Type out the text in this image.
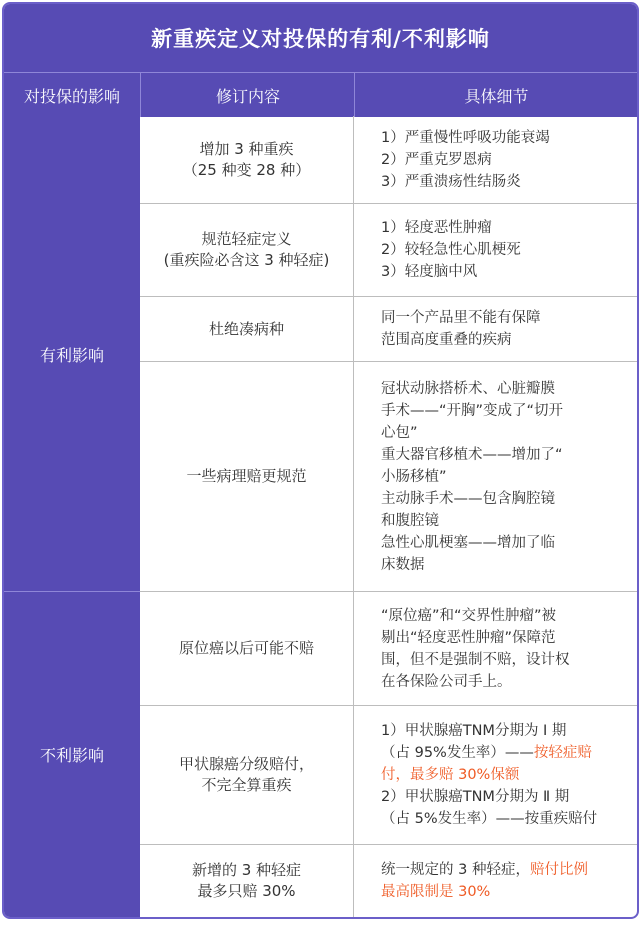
新重疾定义对投保的有利/不利影响
对投保的影响	修订内容	具体细节
有利影响
不利影响
增加 3 种重疾
（25 种变 28 种）
1）严重慢性呼吸功能衰竭
2）严重克罗恩病
3）严重溃疡性结肠炎
规范轻症定义
(重疾险必含这 3 种轻症)
1）轻度恶性肿瘤
2）较轻急性心肌梗死
3）轻度脑中风
杜绝凑病种
同一个产品里不能有保障
范围高度重叠的疾病
一些病理赔更规范
冠状动脉搭桥术、心脏瓣膜
手术——“开胸”变成了“切开
心包”
重大器官移植术——增加了“
小肠移植”
主动脉手术——包含胸腔镜
和腹腔镜
急性心肌梗塞——增加了临
床数据
原位癌以后可能不赔
“原位癌”和“交界性肿瘤”被
剔出“轻度恶性肿瘤”保障范
围，但不是强制不赔，设计权
在各保险公司手上。
甲状腺癌分级赔付，
不完全算重疾
1）甲状腺癌TNM分期为 Ⅰ 期
（占 95%发生率）——按轻症赔
付，最多赔 30%保额
2）甲状腺癌TNM分期为 Ⅱ 期
（占 5%发生率）——按重疾赔付
新增的 3 种轻症
最多只赔 30%
统一规定的 3 种轻症，赔付比例
最高限制是 30%
